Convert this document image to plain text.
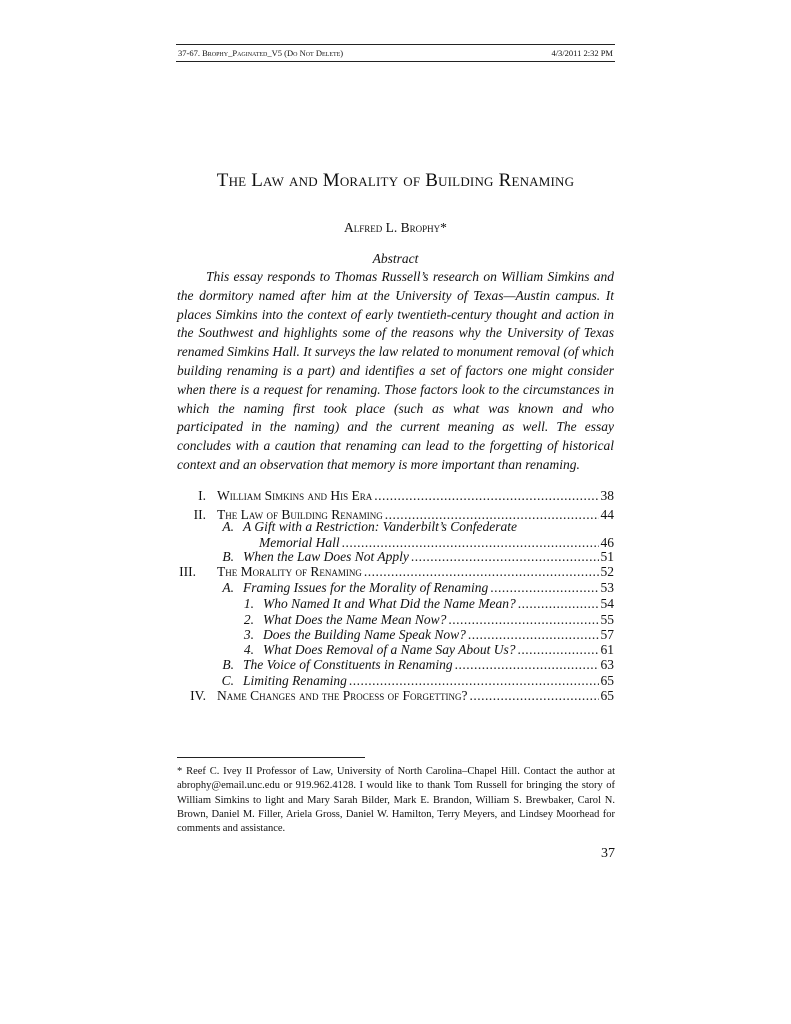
37-67. Brophy_Paginated_V5 (Do Not Delete)	4/3/2011 2:32 PM
The Law and Morality of Building Renaming
Alfred L. Brophy*
Abstract

This essay responds to Thomas Russell’s research on William Simkins and the dormitory named after him at the University of Texas—Austin campus. It places Simkins into the context of early twentieth-century thought and action in the Southwest and highlights some of the reasons why the University of Texas renamed Simkins Hall. It surveys the law related to monument removal (of which building renaming is a part) and identifies a set of factors one might consider when there is a request for renaming. Those factors look to the circumstances in which the naming first took place (such as what was known and who participated in the naming) and the current meaning as well. The essay concludes with a caution that renaming can lead to the forgetting of historical context and an observation that memory is more important than renaming.

I. William Simkins and His Era .....	38
II. The Law of Building Renaming .....	44
A. A Gift with a Restriction: Vanderbilt’s Confederate
Memorial Hall .....	46
B. When the Law Does Not Apply .....	51
III. The Morality of Renaming .....	52
A. Framing Issues for the Morality of Renaming .....	53
1. Who Named It and What Did the Name Mean? .....	54
2. What Does the Name Mean Now? .....	55
3. Does the Building Name Speak Now? .....	57
4. What Does Removal of a Name Say About Us? .....	61
B. The Voice of Constituents in Renaming .....	63
C. Limiting Renaming .....	65
IV. Name Changes and the Process of Forgetting? .....	65

* Reef C. Ivey II Professor of Law, University of North Carolina–Chapel Hill. Contact the author at abrophy@email.unc.edu or 919.962.4128. I would like to thank Tom Russell for bringing the story of William Simkins to light and Mary Sarah Bilder, Mark E. Brandon, William S. Brewbaker, Carol N. Brown, Daniel M. Filler, Ariela Gross, Daniel W. Hamilton, Terry Meyers, and Lindsey Moorhead for comments and assistance.

37
